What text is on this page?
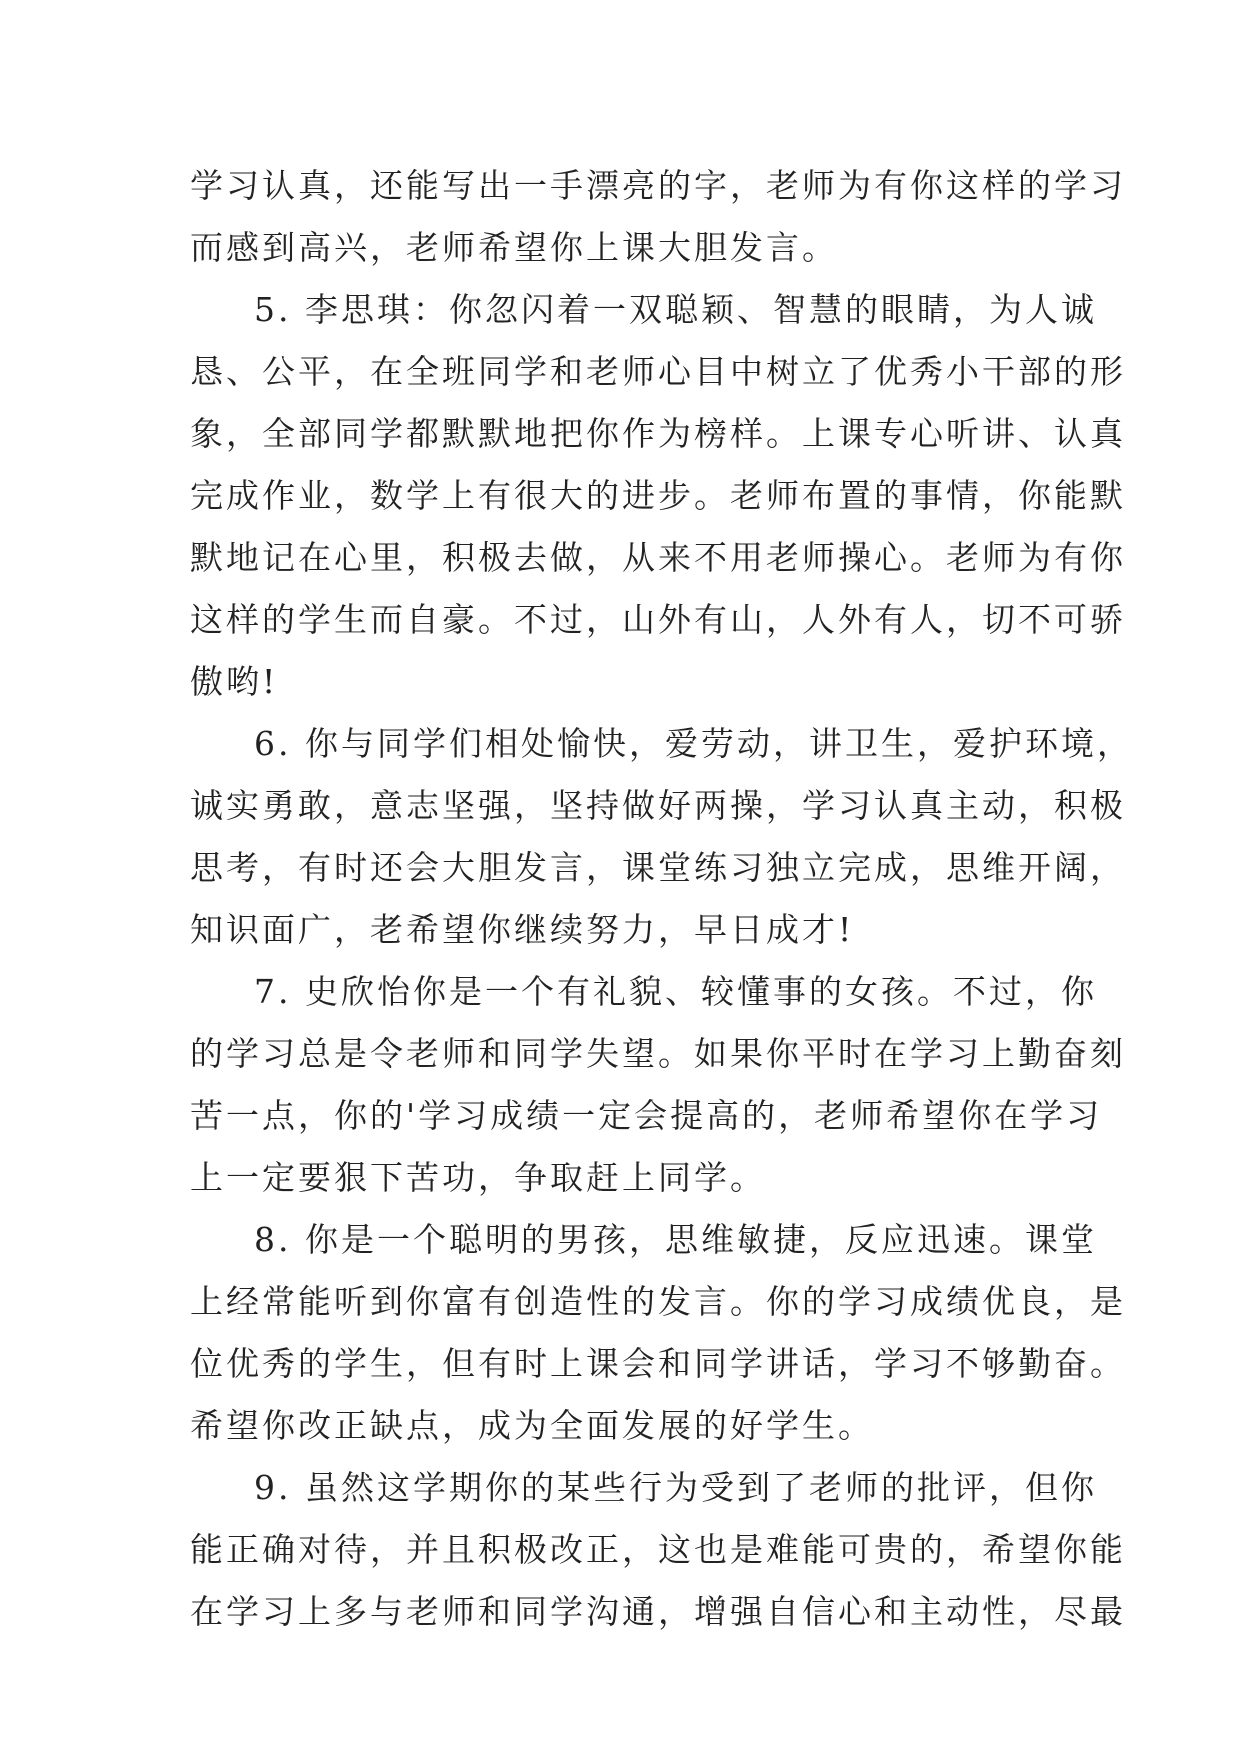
学习认真，还能写出一手漂亮的字，老师为有你这样的学习
而感到高兴，老师希望你上课大胆发言。
5. 李思琪：你忽闪着一双聪颖、智慧的眼睛，为人诚
恳、公平，在全班同学和老师心目中树立了优秀小干部的形
象，全部同学都默默地把你作为榜样。上课专心听讲、认真
完成作业，数学上有很大的进步。老师布置的事情，你能默
默地记在心里，积极去做，从来不用老师操心。老师为有你
这样的学生而自豪。不过，山外有山，人外有人，切不可骄
傲哟!
6. 你与同学们相处愉快，爱劳动，讲卫生，爱护环境，
诚实勇敢，意志坚强，坚持做好两操，学习认真主动，积极
思考，有时还会大胆发言，课堂练习独立完成，思维开阔，
知识面广，老希望你继续努力，早日成才!
7. 史欣怡你是一个有礼貌、较懂事的女孩。不过，你
的学习总是令老师和同学失望。如果你平时在学习上勤奋刻
苦一点，你的'学习成绩一定会提高的，老师希望你在学习
上一定要狠下苦功，争取赶上同学。
8. 你是一个聪明的男孩，思维敏捷，反应迅速。课堂
上经常能听到你富有创造性的发言。你的学习成绩优良，是
位优秀的学生，但有时上课会和同学讲话，学习不够勤奋。
希望你改正缺点，成为全面发展的好学生。
9. 虽然这学期你的某些行为受到了老师的批评，但你
能正确对待，并且积极改正，这也是难能可贵的，希望你能
在学习上多与老师和同学沟通，增强自信心和主动性，尽最
